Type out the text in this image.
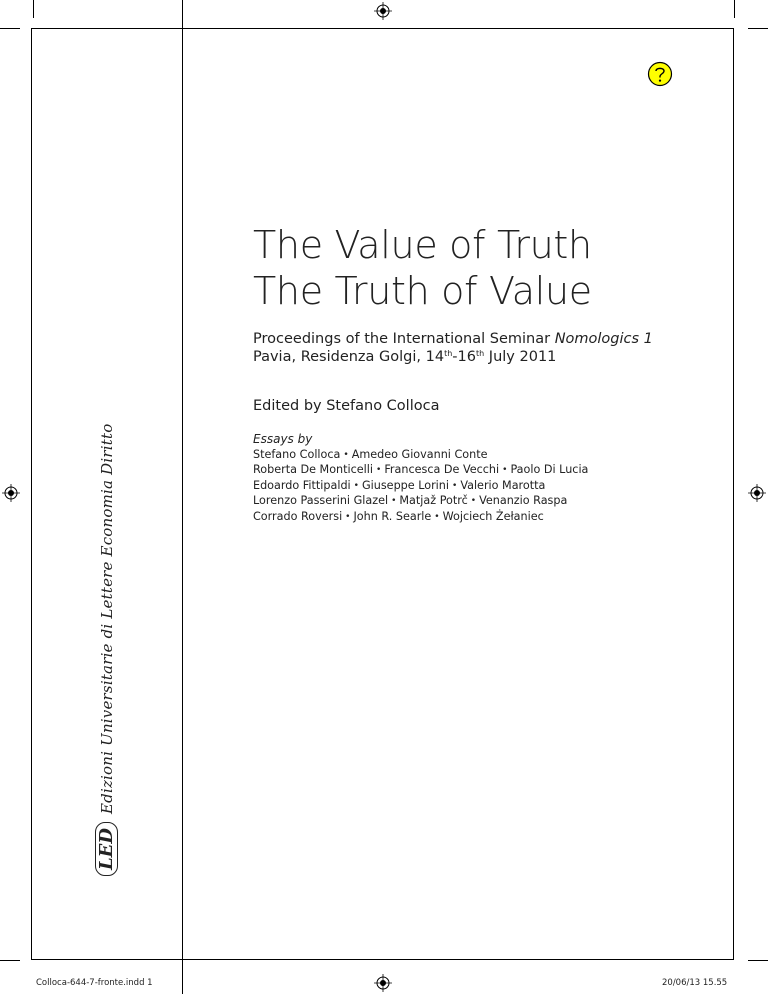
The Value of Truth
The Truth of Value
Proceedings of the International Seminar Nomologics 1
Pavia, Residenza Golgi, 14th-16th July 2011
Edited by Stefano Colloca
Essays by
Stefano Colloca • Amedeo Giovanni Conte
Roberta De Monticelli • Francesca De Vecchi • Paolo Di Lucia
Edoardo Fittipaldi • Giuseppe Lorini • Valerio Marotta
Lorenzo Passerini Glazel • Matjaž Potrč • Venanzio Raspa
Corrado Roversi • John R. Searle • Wojciech Żełaniec
LEDEdizioni Universitarie di Lettere Economia Diritto
Colloca-644-7-fronte.indd 1	20/06/13 15.55
